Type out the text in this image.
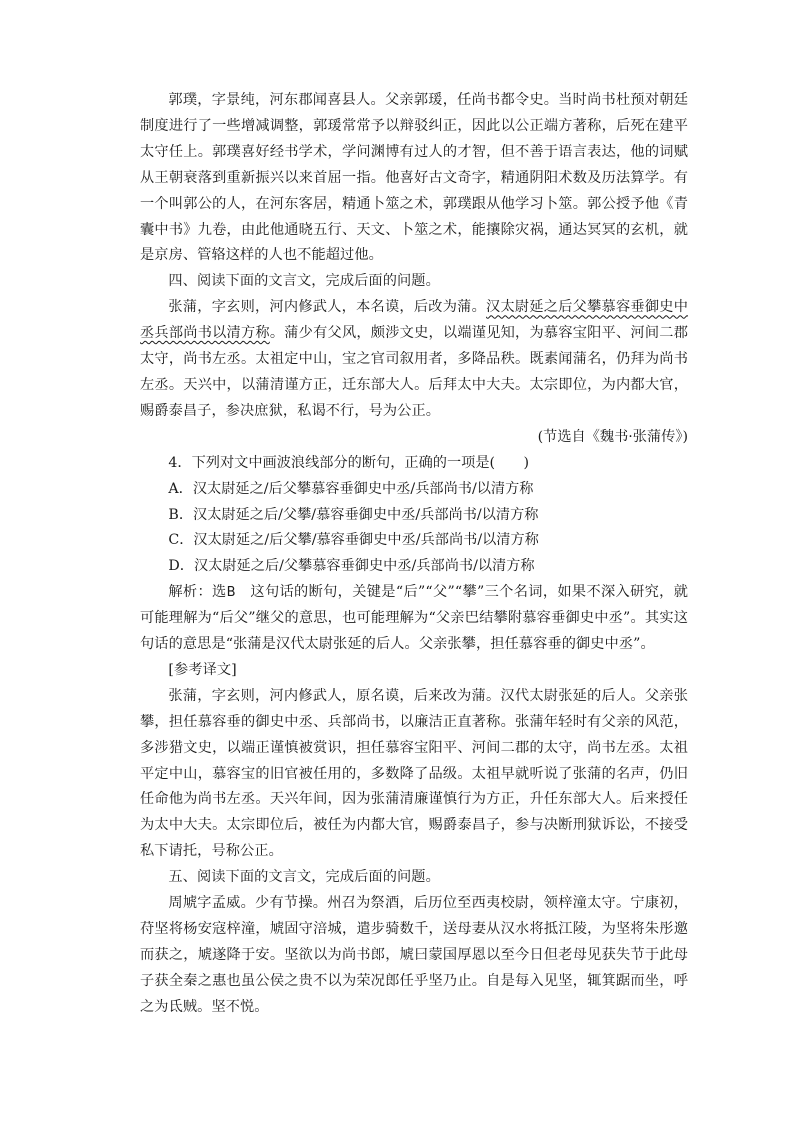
郭璞，字景纯，河东郡闻喜县人。父亲郭瑗，任尚书都令史。当时尚书杜预对朝廷制度进行了一些增减调整，郭瑗常常予以辩驳纠正，因此以公正端方著称，后死在建平太守任上。郭璞喜好经书学术，学问渊博有过人的才智，但不善于语言表达，他的词赋从王朝衰落到重新振兴以来首屈一指。他喜好古文奇字，精通阴阳术数及历法算学。有一个叫郭公的人，在河东客居，精通卜筮之术，郭璞跟从他学习卜筮。郭公授予他《青囊中书》九卷，由此他通晓五行、天文、卜筮之术，能攘除灾祸，通达冥冥的玄机，就是京房、管辂这样的人也不能超过他。

四、阅读下面的文言文，完成后面的问题。

张蒲，字玄则，河内修武人，本名谟，后改为蒲。汉太尉延之后父攀慕容垂御史中丞兵部尚书以清方称。蒲少有父风，颇涉文史，以端谨见知，为慕容宝阳平、河间二郡太守，尚书左丞。太祖定中山，宝之官司叙用者，多降品秩。既素闻蒲名，仍拜为尚书左丞。天兴中，以蒲清谨方正，迁东部大人。后拜太中大夫。太宗即位，为内都大官，赐爵泰昌子，参决庶狱，私谒不行，号为公正。

(节选自《魏书·张蒲传》)

4．下列对文中画波浪线部分的断句，正确的一项是(　　)

A．汉太尉延之/后父攀慕容垂御史中丞/兵部尚书/以清方称

B．汉太尉延之后/父攀/慕容垂御史中丞/兵部尚书/以清方称

C．汉太尉延之/后父攀/慕容垂御史中丞/兵部尚书/以清方称

D．汉太尉延之后/父攀慕容垂御史中丞/兵部尚书/以清方称

解析：选B　这句话的断句，关键是“后”“父”“攀”三个名词，如果不深入研究，就可能理解为“后父”继父的意思，也可能理解为“父亲巴结攀附慕容垂御史中丞”。其实这句话的意思是“张蒲是汉代太尉张延的后人。父亲张攀，担任慕容垂的御史中丞”。

[参考译文]

张蒲，字玄则，河内修武人，原名谟，后来改为蒲。汉代太尉张延的后人。父亲张攀，担任慕容垂的御史中丞、兵部尚书，以廉洁正直著称。张蒲年轻时有父亲的风范，多涉猎文史，以端正谨慎被赏识，担任慕容宝阳平、河间二郡的太守，尚书左丞。太祖平定中山，慕容宝的旧官被任用的，多数降了品级。太祖早就听说了张蒲的名声，仍旧任命他为尚书左丞。天兴年间，因为张蒲清廉谨慎行为方正，升任东部大人。后来授任为太中大夫。太宗即位后，被任为内都大官，赐爵泰昌子，参与决断刑狱诉讼，不接受私下请托，号称公正。

五、阅读下面的文言文，完成后面的问题。

周虓字孟威。少有节操。州召为祭酒，后历位至西夷校尉，领梓潼太守。宁康初，苻坚将杨安寇梓潼，虓固守涪城，遣步骑数千，送母妻从汉水将抵江陵，为坚将朱彤邀而获之，虓遂降于安。坚欲以为尚书郎，虓曰蒙国厚恩以至今日但老母见获失节于此母子获全秦之惠也虽公侯之贵不以为荣况郎任乎坚乃止。自是每入见坚，辄箕踞而坐，呼之为氐贼。坚不悦。
